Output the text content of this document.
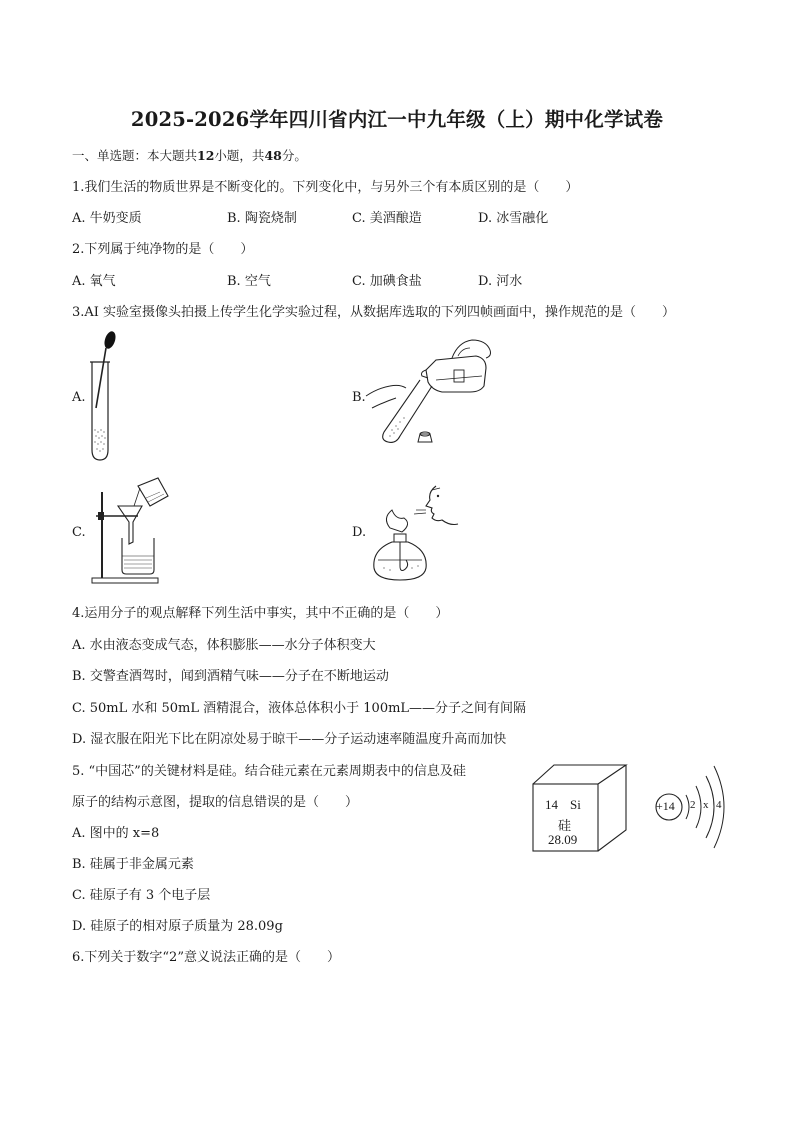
2025-2026学年四川省内江一中九年级（上）期中化学试卷
一、单选题：本大题共12小题，共48分。
1.我们生活的物质世界是不断变化的。下列变化中，与另外三个有本质区别的是（　　）
A. 牛奶变质	B. 陶瓷烧制	C. 美酒酿造	D. 冰雪融化
2.下列属于纯净物的是（　　）
A. 氧气	B. 空气	C. 加碘食盐	D. 河水
3.AI 实验室摄像头拍摄上传学生化学实验过程，从数据库选取的下列四帧画面中，操作规范的是（　　）
A.	B.
C.	D.
4.运用分子的观点解释下列生活中事实，其中不正确的是（　　）
A. 水由液态变成气态，体积膨胀——水分子体积变大
B. 交警查酒驾时，闻到酒精气味——分子在不断地运动
C. 50mL 水和 50mL 酒精混合，液体总体积小于 100mL——分子之间有间隔
D. 湿衣服在阳光下比在阴凉处易于晾干——分子运动速率随温度升高而加快
5. “中国芯”的关键材料是硅。结合硅元素在元素周期表中的信息及硅
原子的结构示意图，提取的信息错误的是（　　）
A. 图中的 x=8
B. 硅属于非金属元素
C. 硅原子有 3 个电子层
D. 硅原子的相对原子质量为 28.09g
14 Si
硅
28.09
+14 2 x 4
6.下列关于数字“2”意义说法正确的是（　　）
